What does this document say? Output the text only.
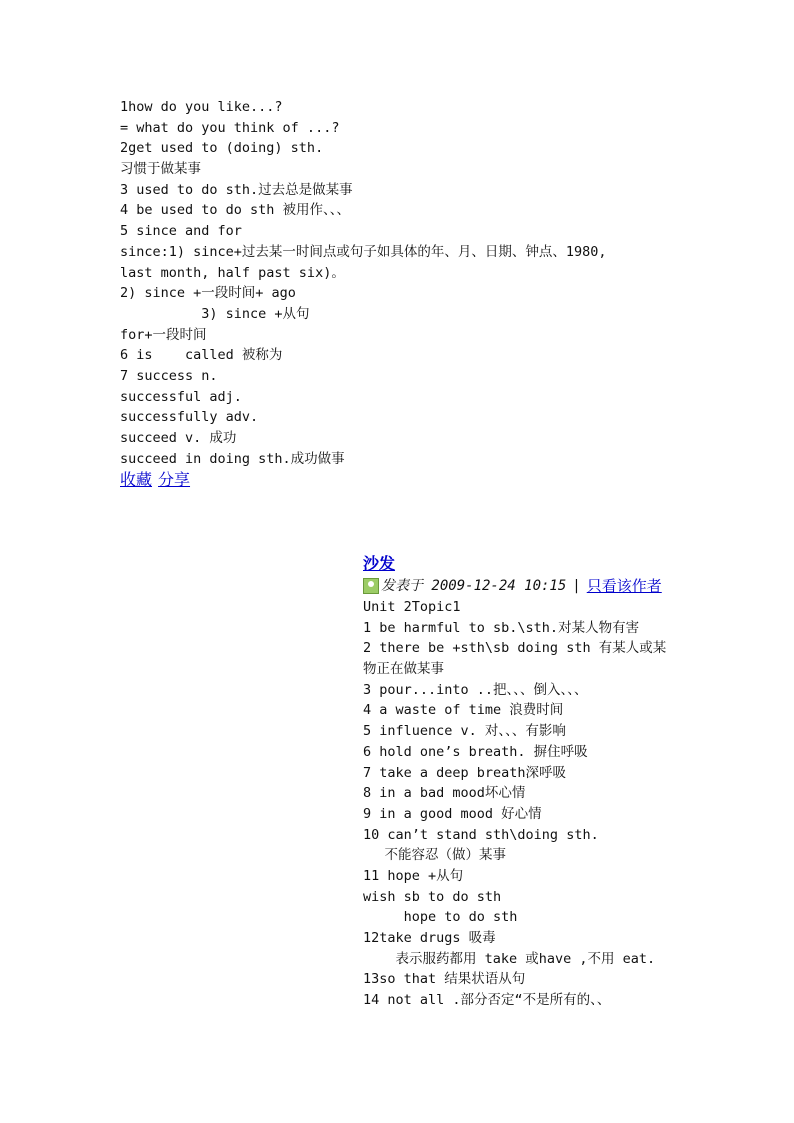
1how do you like...?
= what do you think of ...?
2get used to (doing) sth.
习惯于做某事
3 used to do sth.过去总是做某事
4 be used to do sth 被用作、、、
5 since and for
since:1) since+过去某一时间点或句子如具体的年、月、日期、钟点、1980,
last month, half past six)。
2) since +一段时间+ ago
3) since +从句
for+一段时间
6 is    called 被称为
7 success n.
successful adj.
successfully adv.
succeed v. 成功
succeed in doing sth.成功做事
收藏 分享
沙发
发表于 2009-12-24 10:15 | 只看该作者
Unit 2Topic1
1 be harmful to sb.\sth.对某人物有害
2 there be +sth\sb doing sth 有某人或某
物正在做某事
3 pour...into ..把、、、倒入、、、
4 a waste of time 浪费时间
5 influence v. 对、、、有影响
6 hold one’s breath. 摒住呼吸
7 take a deep breath深呼吸
8 in a bad mood坏心情
9 in a good mood 好心情
10 can’t stand sth\doing sth.
不能容忍（做）某事
11 hope +从句
wish sb to do sth
hope to do sth
12take drugs 吸毒
表示服药都用 take 或have ,不用 eat.
13so that 结果状语从句
14 not all .部分否定“不是所有的、、
